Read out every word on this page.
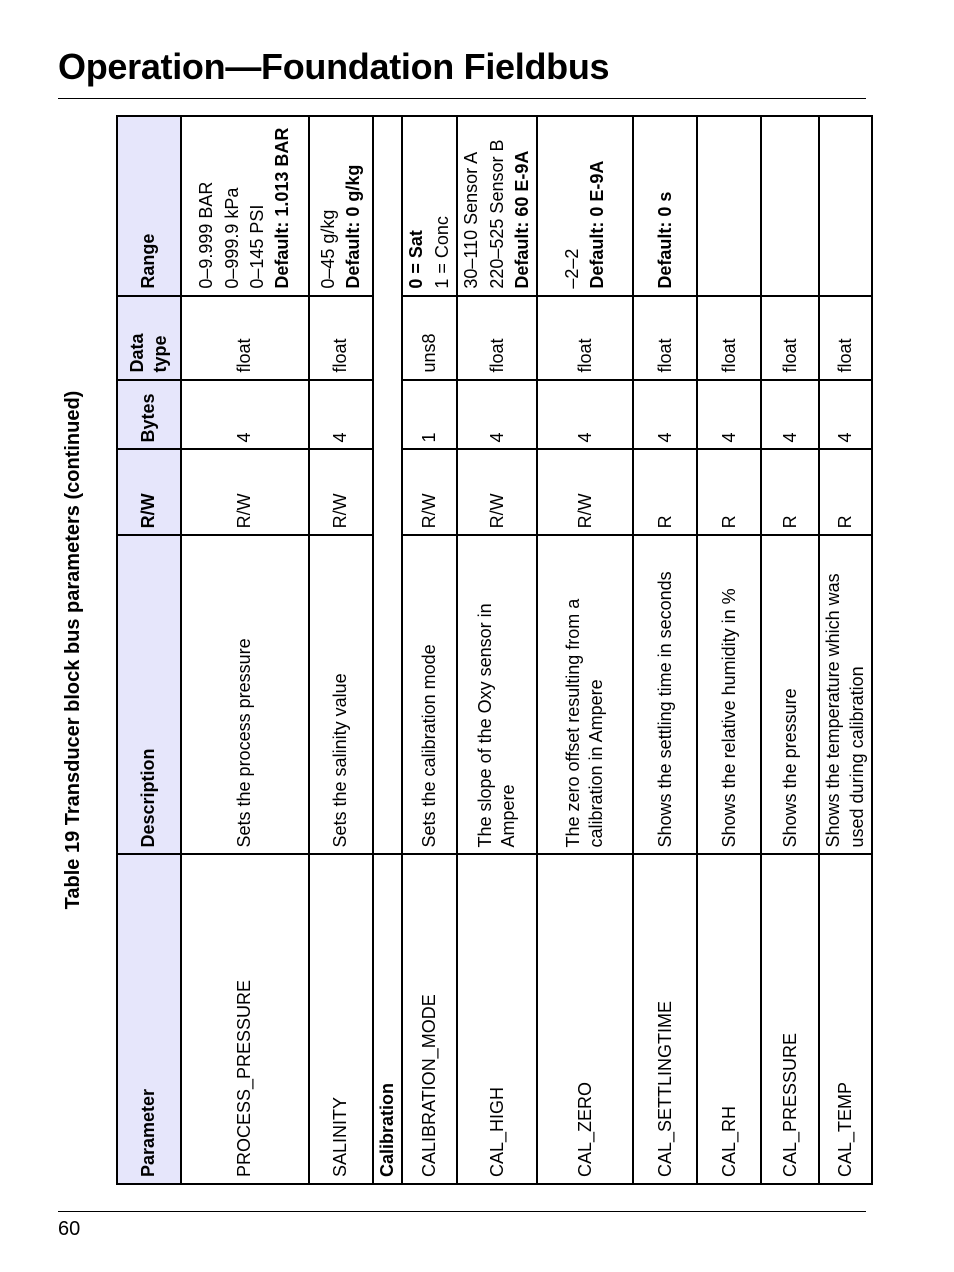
Operation—Foundation Fieldbus
Table 19 Transducer block bus parameters (continued)
Parameter	Description	R/W	Bytes	Data type	Range
PROCESS_PRESSURE	Sets the process pressure	R/W	4	float	0–9.999 BAR 0–999.9 kPa 0–145 PSI Default: 1.013 BAR

SALINITY	Sets the salinity value	R/W	4	float	0–45 g/kg Default: 0 g/kg

Calibration					
CALIBRATION_MODE	Sets the calibration mode	R/W	1	uns8	0 = Sat 1 = Conc

CAL_HIGH	The slope of the Oxy sensor in Ampere	R/W	4	float	30–110 Sensor A 220–525 Sensor B Default: 60 E-9A

CAL_ZERO	The zero offset resulting from a calibration in Ampere	R/W	4	float	–2–2 Default: 0 E-9A

CAL_SETTLINGTIME	Shows the settling time in seconds	R	4	float	Default: 0 s

CAL_RH	Shows the relative humidity in %	R	4	float	
CAL_PRESSURE	Shows the pressure	R	4	float	
CAL_TEMP	Shows the temperature which was used during calibration	R	4	float	
60
